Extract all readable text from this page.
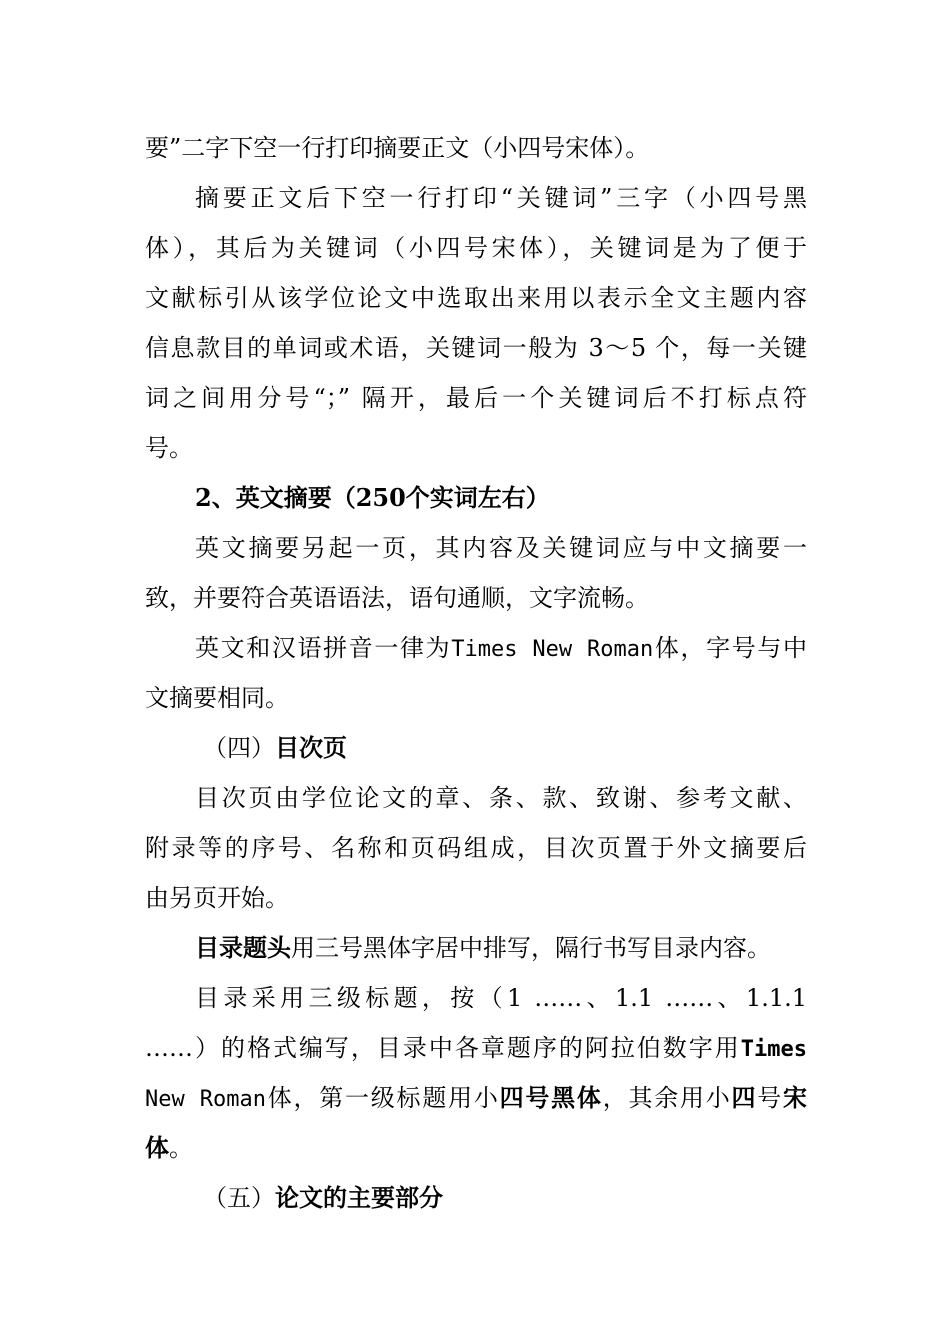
要”二字下空一行打印摘要正文（小四号宋体）。
摘要正文后下空一行打印“关键词”三字（小四号黑
体），其后为关键词（小四号宋体），关键词是为了便于
文献标引从该学位论文中选取出来用以表示全文主题内容
信息款目的单词或术语，关键词一般为 3～5 个，每一关键
词之间用分号“；” 隔开，最后一个关键词后不打标点符
号。
2、英文摘要（250个实词左右）
英文摘要另起一页，其内容及关键词应与中文摘要一
致，并要符合英语语法，语句通顺，文字流畅。
英文和汉语拼音一律为Times New Roman体，字号与中
文摘要相同。
（四）目次页
目次页由学位论文的章、条、款、致谢、参考文献、
附录等的序号、名称和页码组成，目次页置于外文摘要后
由另页开始。
目录题头用三号黑体字居中排写，隔行书写目录内容。
目录采用三级标题，按（1 ……、1.1 ……、1.1.1
……）的格式编写，目录中各章题序的阿拉伯数字用Times
New Roman体，第一级标题用小四号黑体，其余用小四号宋
体。
（五）论文的主要部分
